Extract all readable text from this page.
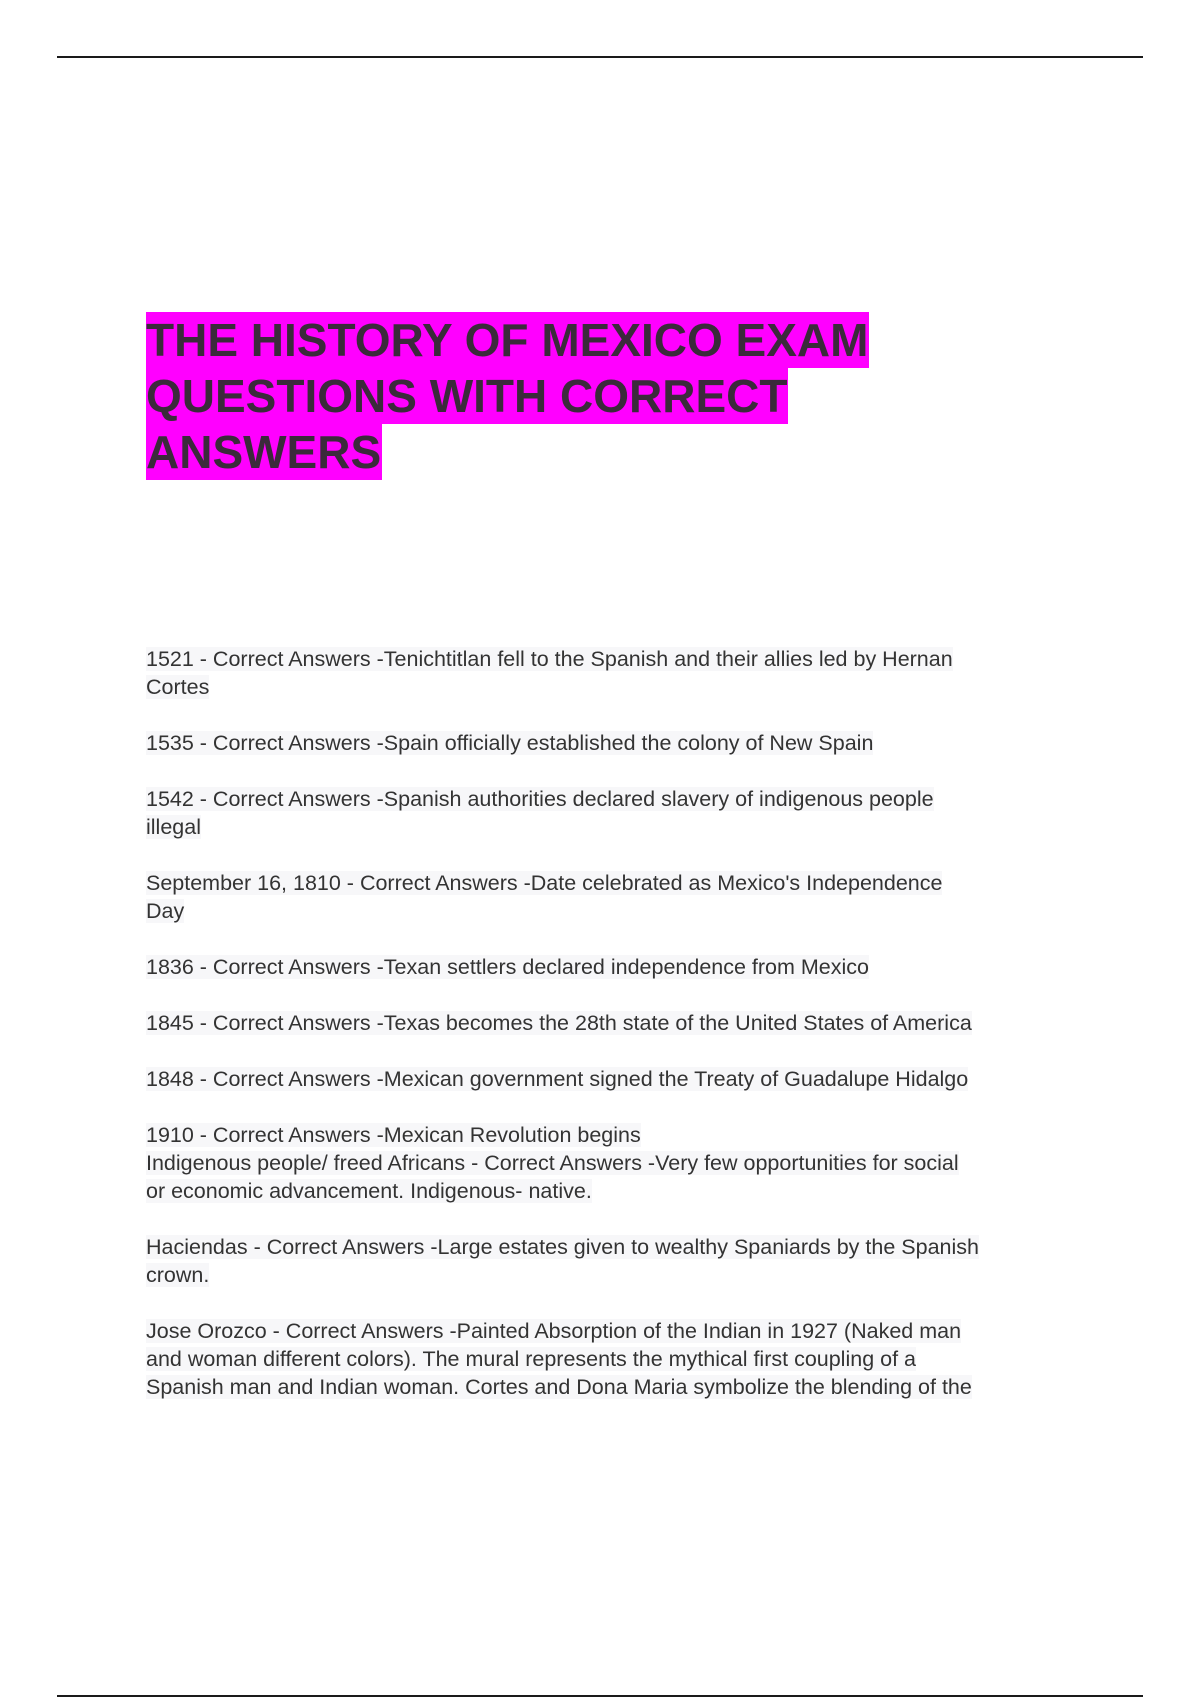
THE HISTORY OF MEXICO EXAM
QUESTIONS WITH CORRECT
ANSWERS

1521 - Correct Answers -Tenichtitlan fell to the Spanish and their allies led by Hernan
Cortes

1535 - Correct Answers -Spain officially established the colony of New Spain

1542 - Correct Answers -Spanish authorities declared slavery of indigenous people
illegal

September 16, 1810 - Correct Answers -Date celebrated as Mexico's Independence
Day

1836 - Correct Answers -Texan settlers declared independence from Mexico

1845 - Correct Answers -Texas becomes the 28th state of the United States of America

1848 - Correct Answers -Mexican government signed the Treaty of Guadalupe Hidalgo

1910 - Correct Answers -Mexican Revolution begins

Indigenous people/ freed Africans - Correct Answers -Very few opportunities for social
or economic advancement. Indigenous- native.

Haciendas - Correct Answers -Large estates given to wealthy Spaniards by the Spanish
crown.

Jose Orozco - Correct Answers -Painted Absorption of the Indian in 1927 (Naked man
and woman different colors). The mural represents the mythical first coupling of a
Spanish man and Indian woman. Cortes and Dona Maria symbolize the blending of the
